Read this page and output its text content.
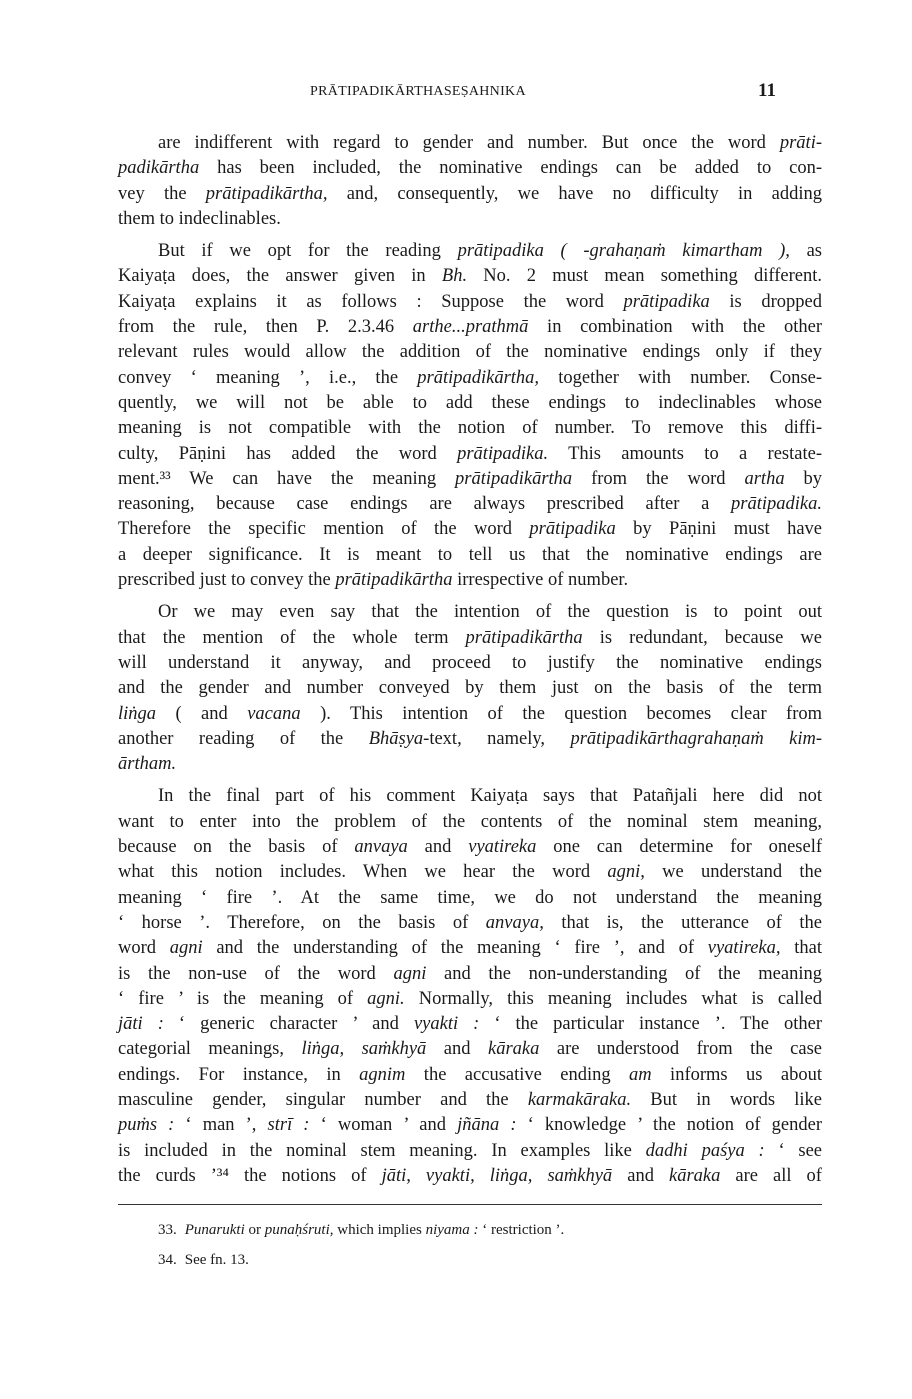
PRĀTIPADIKĀRTHASEṢAHNIKA	11
are indifferent with regard to gender and number. But once the word prāti-
padikārtha has been included, the nominative endings can be added to con-
vey the prātipadikārtha, and, consequently, we have no difficulty in adding
them to indeclinables.
But if we opt for the reading prātipadika ( -grahaṇaṁ kimartham ), as
Kaiyaṭa does, the answer given in Bh. No. 2 must mean something different.
Kaiyaṭa explains it as follows : Suppose the word prātipadika is dropped
from the rule, then P. 2.3.46 arthe...prathmā in combination with the other
relevant rules would allow the addition of the nominative endings only if they
convey ‘ meaning ’, i.e., the prātipadikārtha, together with number. Conse-
quently, we will not be able to add these endings to indeclinables whose
meaning is not compatible with the notion of number. To remove this diffi-
culty, Pāṇini has added the word prātipadika. This amounts to a restate-
ment.³³ We can have the meaning prātipadikārtha from the word artha by
reasoning, because case endings are always prescribed after a prātipadika.
Therefore the specific mention of the word prātipadika by Pāṇini must have
a deeper significance. It is meant to tell us that the nominative endings are
prescribed just to convey the prātipadikārtha irrespective of number.
Or we may even say that the intention of the question is to point out
that the mention of the whole term prātipadikārtha is redundant, because we
will understand it anyway, and proceed to justify the nominative endings
and the gender and number conveyed by them just on the basis of the term
liṅga ( and vacana ). This intention of the question becomes clear from
another reading of the Bhāṣya-text, namely, prātipadikārthagrahaṇaṁ kim-
ārtham.
In the final part of his comment Kaiyaṭa says that Patañjali here did not
want to enter into the problem of the contents of the nominal stem meaning,
because on the basis of anvaya and vyatireka one can determine for oneself
what this notion includes. When we hear the word agni, we understand the
meaning ‘ fire ’. At the same time, we do not understand the meaning
‘ horse ’. Therefore, on the basis of anvaya, that is, the utterance of the
word agni and the understanding of the meaning ‘ fire ’, and of vyatireka, that
is the non-use of the word agni and the non-understanding of the meaning
‘ fire ’ is the meaning of agni. Normally, this meaning includes what is called
jāti : ‘ generic character ’ and vyakti : ‘ the particular instance ’. The other
categorial meanings, liṅga, saṁkhyā and kāraka are understood from the case
endings. For instance, in agnim the accusative ending am informs us about
masculine gender, singular number and the karmakāraka. But in words like
puṁs : ‘ man ’, strī : ‘ woman ’ and jñāna : ‘ knowledge ’ the notion of gender
is included in the nominal stem meaning. In examples like dadhi paśya : ‘ see
the curds ’³⁴ the notions of jāti, vyakti, liṅga, saṁkhyā and kāraka are all of
33. Punarukti or punaḥśruti, which implies niyama : ‘ restriction ’.
34. See fn. 13.
